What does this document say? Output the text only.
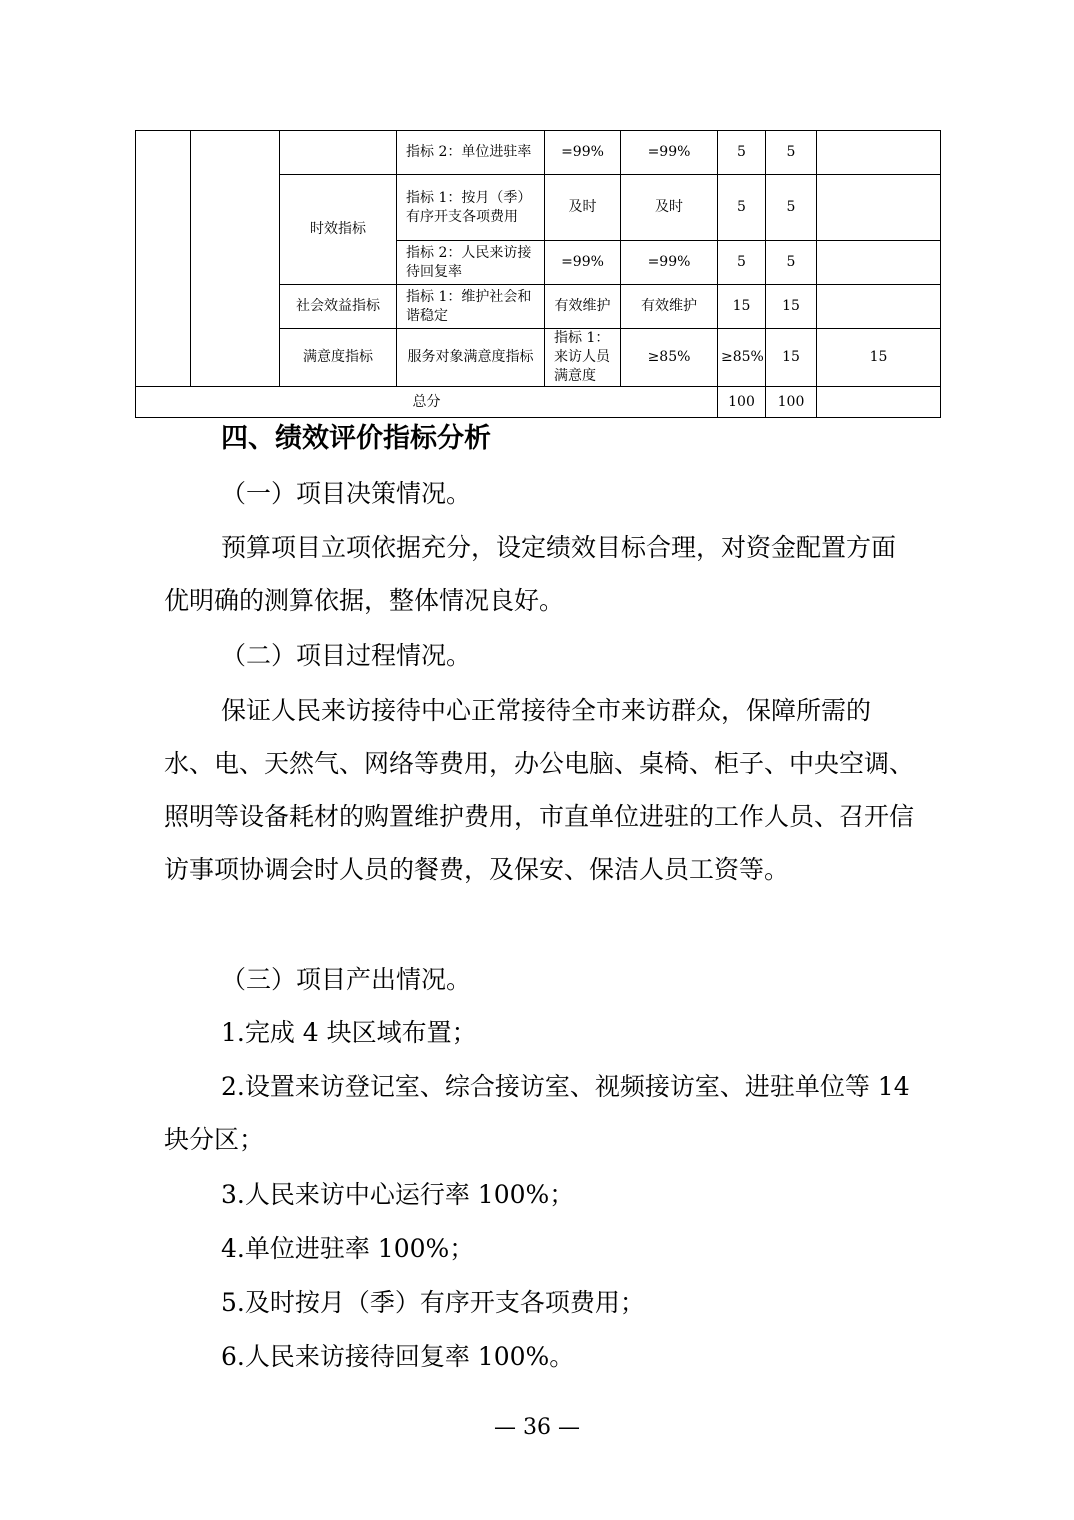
			指标 2：单位进驻率	=99%	=99%	5	5		
		时效指标	指标 1：按月（季）有序开支各项费用	及时	及时	5	5		
			指标 2：人民来访接待回复率	=99%	=99%	5	5		
		社会效益指标	指标 1：维护社会和谐稳定	有效维护	有效维护	15	15		
		满意度指标	服务对象满意度指标	指标 1：来访人员满意度	≥85%	≥85%	15	15	
总分						100	100		
四、绩效评价指标分析

（一）项目决策情况。

预算项目立项依据充分，设定绩效目标合理，对资金配置方面优明确的测算依据，整体情况良好。

（二）项目过程情况。

保证人民来访接待中心正常接待全市来访群众，保障所需的水、电、天然气、网络等费用，办公电脑、桌椅、柜子、中央空调、照明等设备耗材的购置维护费用，市直单位进驻的工作人员、召开信访事项协调会时人员的餐费，及保安、保洁人员工资等。

（三）项目产出情况。

1.完成 4 块区域布置；

2.设置来访登记室、综合接访室、视频接访室、进驻单位等 14 块分区；

3.人民来访中心运行率 100%；

4.单位进驻率 100%；

5.及时按月（季）有序开支各项费用；

6.人民来访接待回复率 100%。

— 36 —
